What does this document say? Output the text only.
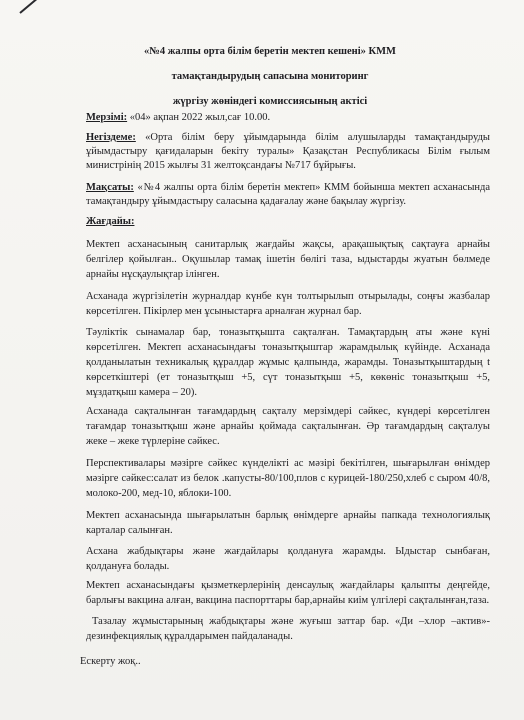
«№4 жалпы орта білім беретін мектеп кешені» КММ
тамақтандырудың сапасына мониторинг
жүргізу жөніндегі комиссиясының актісі
Мерзімі: «04» ақпан 2022 жыл,сағ 10.00.
Негіздеме: «Орта білім беру ұйымдарында білім алушыларды тамақтандыруды ұйымдастыру қағидаларын бекіту туралы» Қазақстан Республикасы Білім ғылым министрінің 2015 жылғы 31 желтоқсандағы №717 бұйрығы.
Мақсаты: «№4 жалпы орта білім беретін мектеп» КММ бойынша мектеп асханасында тамақтандыру ұйымдастыру саласына қадағалау және бақылау жүргізу.
Жағдайы:
Мектеп асханасының санитарлық жағдайы жақсы, арақашықтық сақтауға арнайы белгілер қойылған.. Оқушылар тамақ ішетін бөлігі таза, ыдыстарды жуатын бөлмеде арнайы нұсқаулықтар ілінген.
Асханада жүргізілетін журналдар күнбе күн толтырылып отырылады, соңғы жазбалар көрсетілген. Пікірлер мен ұсыныстарға арналған журнал бар.
Тәуліктік сынамалар бар, тоназытқышта сақталған. Тамақтардың аты және күні көрсетілген. Мектеп асханасындағы тоназытқыштар жарамдылық күйінде. Асханада қолданылатын техникалық құралдар жұмыс қалпында, жарамды. Тоназытқыштардың t көрсеткіштері (ет тоназытқыш +5, сүт тоназытқыш +5, көкөніс тоназытқыш +5, мұздатқыш камера – 20).
Асханада сақталынған тағамдардың сақталу мерзімдері сәйкес, күндері көрсетілген тағамдар тоназытқыш және арнайы қоймада сақталынған. Әр тағамдардың сақталуы жеке – жеке түрлеріне сәйкес.
Перспективалары мәзірге сәйкес күнделікті ас мәзірі бекітілген, шығарылған өнімдер мәзірге сәйкес:салат из белок .капусты-80/100,плов с курицей-180/250,хлеб с сыром 40/8, молоко-200, мед-10, яблоки-100.
Мектеп асханасында шығарылатын барлық өнімдерге арнайы папкада технологиялық карталар салынған.
Асхана жабдықтары және жағдайлары қолдануға жарамды. Ыдыстар сынбаған, қолдануға болады.
Мектеп асханасындағы қызметкерлерінің денсаулық жағдайлары қалыпты деңгейде, барлығы вакцина алған, вакцина паспорттары бар,арнайы киім үлгілері сақталынған,таза.
Тазалау жұмыстарының жабдықтары және жуғыш заттар бар. «Ди –хлор –актив»- дезинфекциялық құралдарымен пайдаланады.
Ескерту жоқ..
